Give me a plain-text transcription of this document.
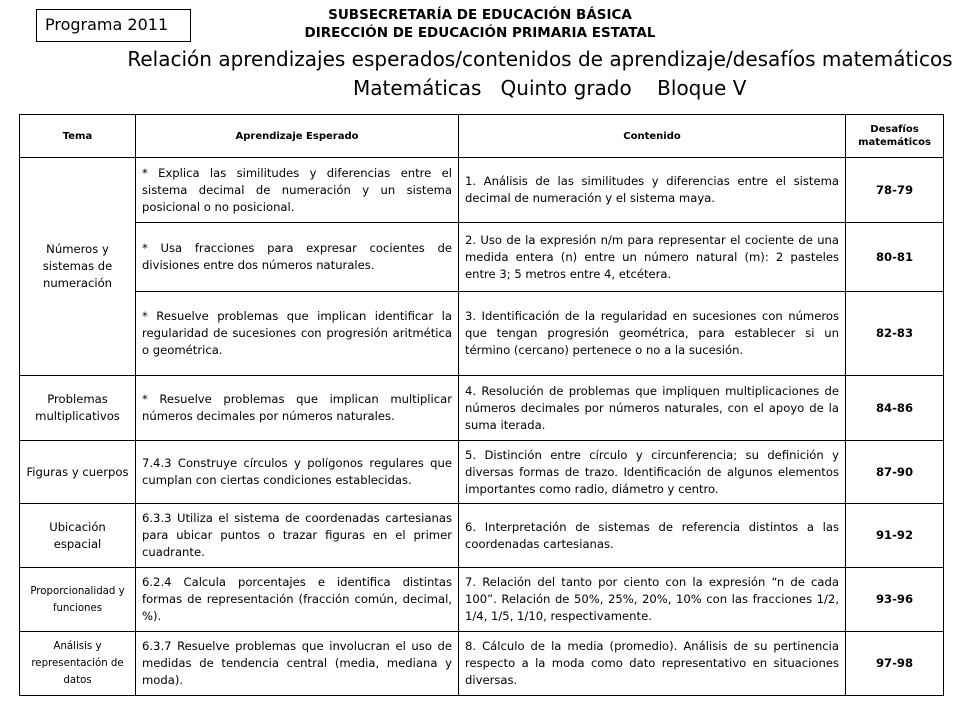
Programa 2011	SUBSECRETARÍA DE EDUCACIÓN BÁSICA
DIRECCIÓN DE EDUCACIÓN PRIMARIA ESTATAL
Relación aprendizajes esperados/contenidos de aprendizaje/desafíos matemáticos
Matemáticas   Quinto grado    Bloque V
Tema	Aprendizaje Esperado	Contenido	Desafíos matemáticos
Números y sistemas de numeración	* Explica las similitudes y diferencias entre el sistema decimal de numeración y un sistema posicional o no posicional.	1. Análisis de las similitudes y diferencias entre el sistema decimal de numeración y el sistema maya.	78-79
	* Usa fracciones para expresar cocientes de divisiones entre dos números naturales.	2. Uso de la expresión n/m para representar el cociente de una medida entera (n) entre un número natural (m): 2 pasteles entre 3; 5 metros entre 4, etcétera.	80-81
	* Resuelve problemas que implican identificar la regularidad de sucesiones con progresión aritmética o geométrica.	3. Identificación de la regularidad en sucesiones con números que tengan progresión geométrica, para establecer si un término (cercano) pertenece o no a la sucesión.	82-83
Problemas multiplicativos	* Resuelve problemas que implican multiplicar números decimales por números naturales.	4. Resolución de problemas que impliquen multiplicaciones de números decimales por números naturales, con el apoyo de la suma iterada.	84-86
Figuras y cuerpos	7.4.3 Construye círculos y polígonos regulares que cumplan con ciertas condiciones establecidas.	5. Distinción entre círculo y circunferencia; su definición y diversas formas de trazo. Identificación de algunos elementos importantes como radio, diámetro y centro.	87-90
Ubicación espacial	6.3.3 Utiliza el sistema de coordenadas cartesianas para ubicar puntos o trazar figuras en el primer cuadrante.	6. Interpretación de sistemas de referencia distintos a las coordenadas cartesianas.	91-92
Proporcionalidad y funciones	6.2.4 Calcula porcentajes e identifica distintas formas de representación (fracción común, decimal, %).	7. Relación del tanto por ciento con la expresión “n de cada 100”. Relación de 50%, 25%, 20%, 10% con las fracciones 1/2, 1/4, 1/5, 1/10, respectivamente.	93-96
Análisis y representación de datos	6.3.7 Resuelve problemas que involucran el uso de medidas de tendencia central (media, mediana y moda).	8. Cálculo de la media (promedio). Análisis de su pertinencia respecto a la moda como dato representativo en situaciones diversas.	97-98
